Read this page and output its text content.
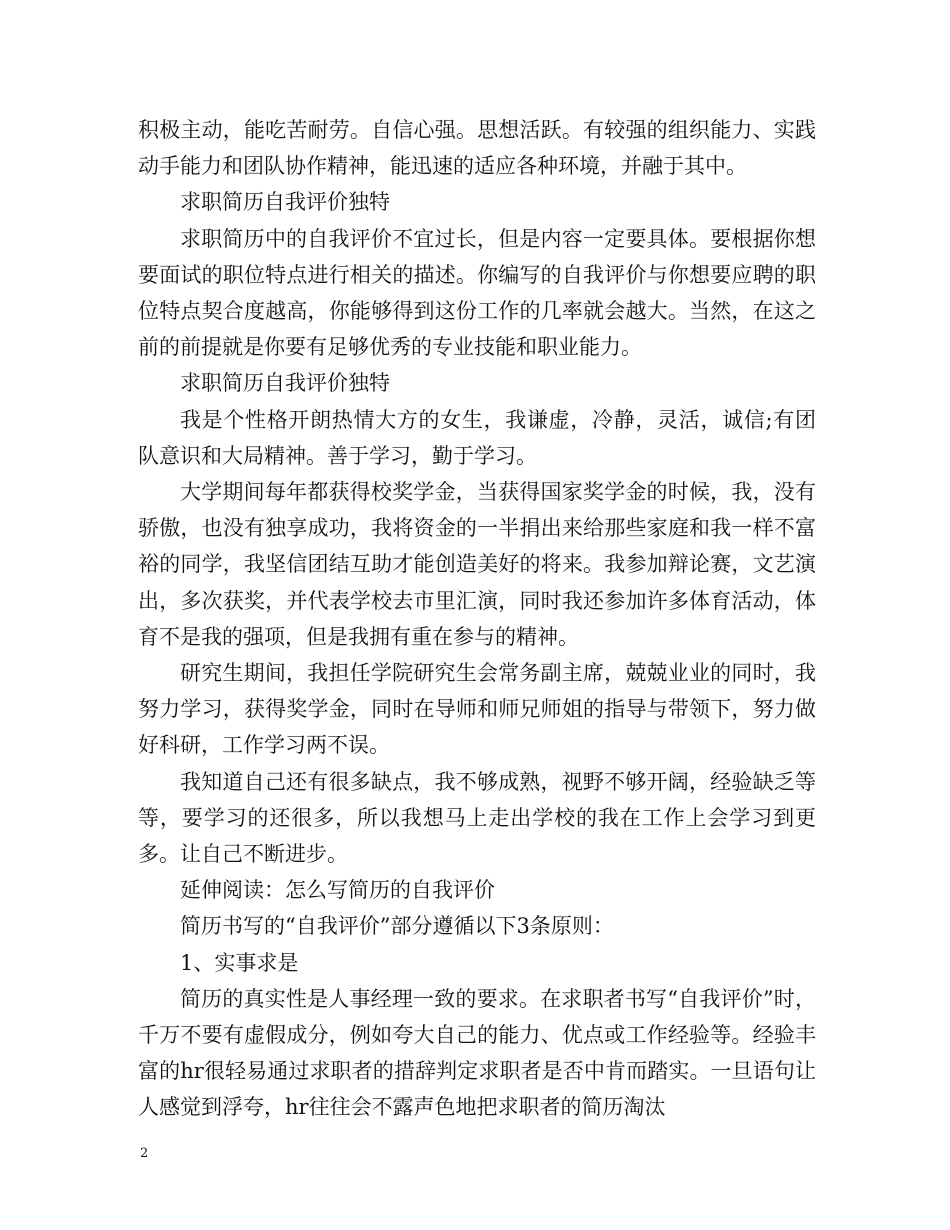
积极主动，能吃苦耐劳。自信心强。思想活跃。有较强的组织能力、实践动手能力和团队协作精神，能迅速的适应各种环境，并融于其中。

求职简历自我评价独特

求职简历中的自我评价不宜过长，但是内容一定要具体。要根据你想要面试的职位特点进行相关的描述。你编写的自我评价与你想要应聘的职位特点契合度越高，你能够得到这份工作的几率就会越大。当然，在这之前的前提就是你要有足够优秀的专业技能和职业能力。

求职简历自我评价独特

我是个性格开朗热情大方的女生，我谦虚，冷静，灵活，诚信;有团队意识和大局精神。善于学习，勤于学习。

大学期间每年都获得校奖学金，当获得国家奖学金的时候，我，没有骄傲，也没有独享成功，我将资金的一半捐出来给那些家庭和我一样不富裕的同学，我坚信团结互助才能创造美好的将来。我参加辩论赛，文艺演出，多次获奖，并代表学校去市里汇演，同时我还参加许多体育活动，体育不是我的强项，但是我拥有重在参与的精神。

研究生期间，我担任学院研究生会常务副主席，兢兢业业的同时，我努力学习，获得奖学金，同时在导师和师兄师姐的指导与带领下，努力做好科研，工作学习两不误。

我知道自己还有很多缺点，我不够成熟，视野不够开阔，经验缺乏等等，要学习的还很多，所以我想马上走出学校的我在工作上会学习到更多。让自己不断进步。

延伸阅读：怎么写简历的自我评价

简历书写的“自我评价”部分遵循以下3条原则：

1、实事求是

简历的真实性是人事经理一致的要求。在求职者书写“自我评价”时，千万不要有虚假成分，例如夸大自己的能力、优点或工作经验等。经验丰富的hr很轻易通过求职者的措辞判定求职者是否中肯而踏实。一旦语句让人感觉到浮夸，hr往往会不露声色地把求职者的简历淘汰

2
